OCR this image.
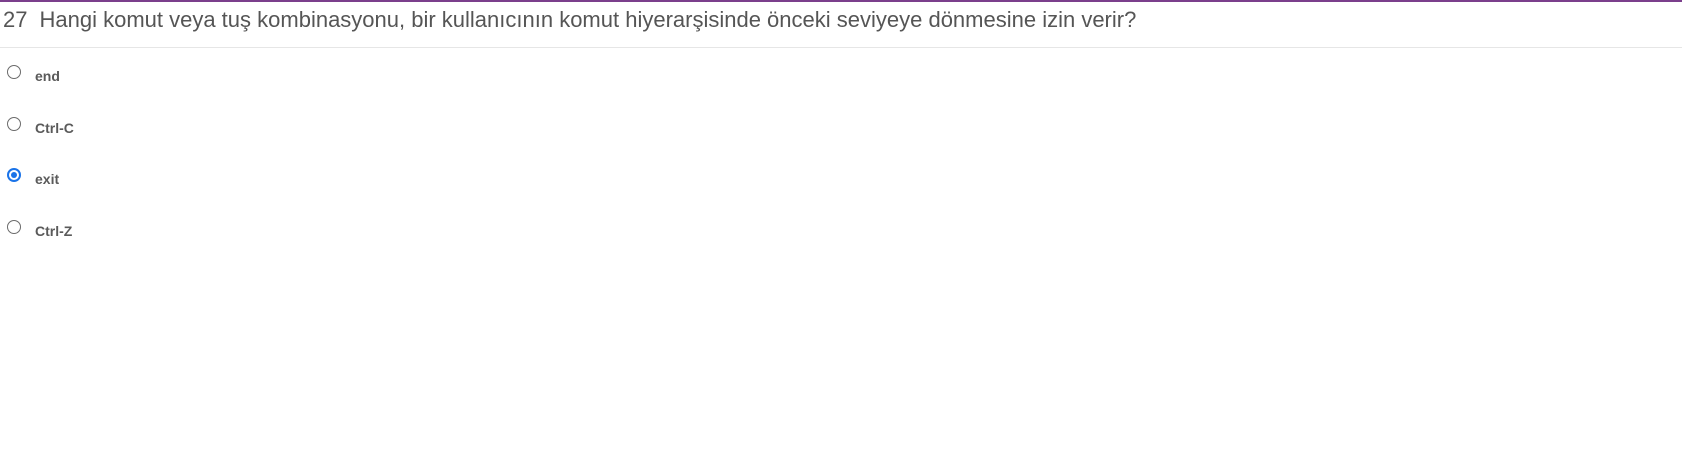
27 Hangi komut veya tuş kombinasyonu, bir kullanıcının komut hiyerarşisinde önceki seviyeye dönmesine izin verir?
end
Ctrl-C
exit
Ctrl-Z
